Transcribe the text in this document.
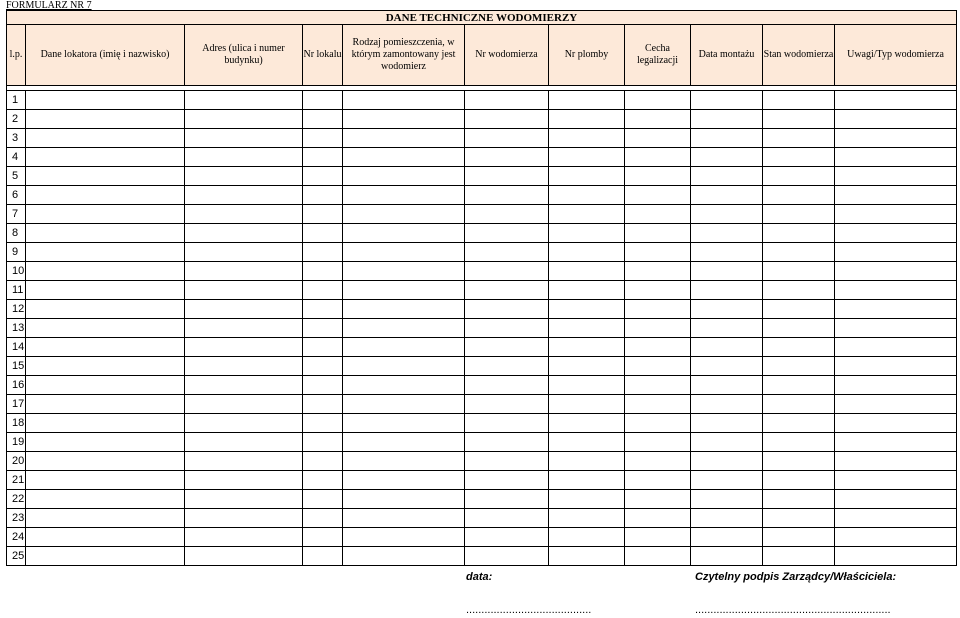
FORMULARZ NR 7
DANE TECHNICZNE WODOMIERZY										
l.p.	Dane lokatora (imię i nazwisko)	Adres (ulica i numer budynku)	Nr lokalu	Rodzaj pomieszczenia, w którym zamontowany jest wodomierz	Nr wodomierza	Nr plomby	Cecha legalizacji	Data montażu	Stan wodomierza	Uwagi/Typ wodomierza

1										
2										
3										
4										
5										
6										
7										
8										
9										
10										
11										
12										
13										
14										
15										
16										
17										
18										
19										
20										
21										
22										
23										
24										
25										
data:	Czytelny podpis Zarządcy/Właściciela:
.........................................	................................................................
